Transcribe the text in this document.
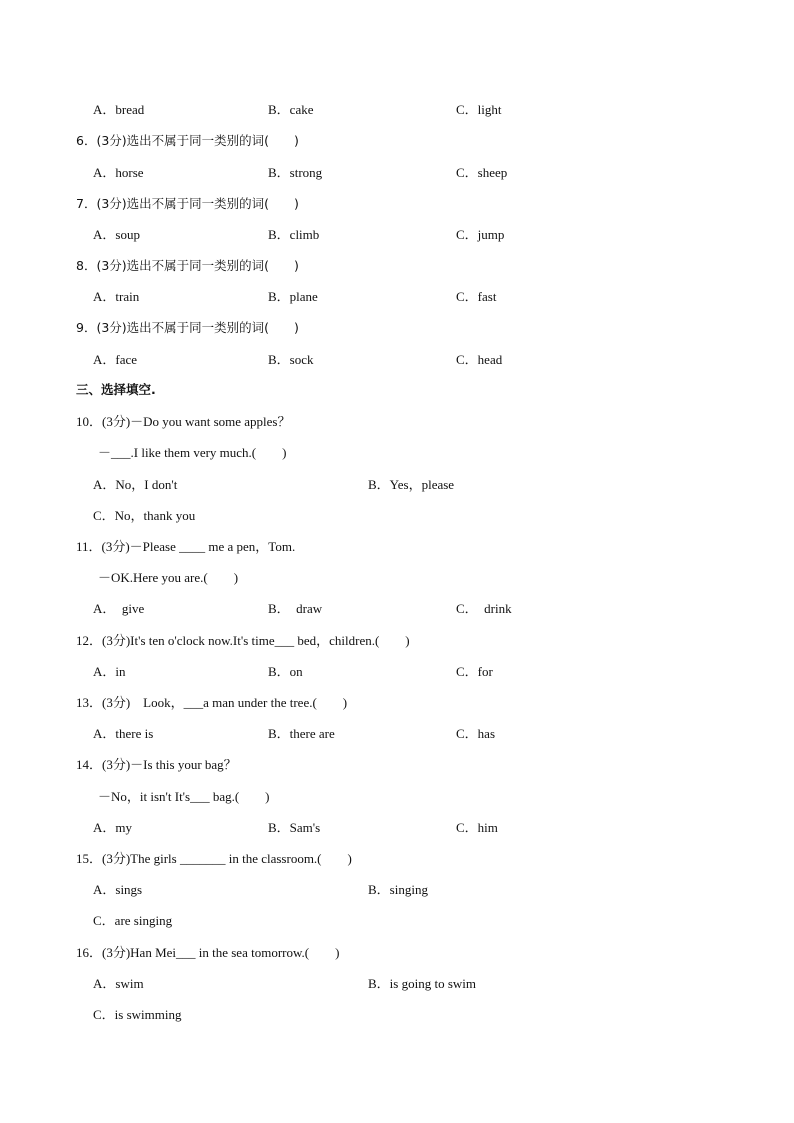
A．bread	B．cake	C．light
6．(3分)选出不属于同一类别的词(　　)
A．horse	B．strong	C．sheep
7．(3分)选出不属于同一类别的词(　　)
A．soup	B．climb	C．jump
8．(3分)选出不属于同一类别的词(　　)
A．train	B．plane	C．fast
9．(3分)选出不属于同一类别的词(　　)
A．face	B．sock	C．head
三、选择填空.
10．(3分)－Do you want some apples？
－___.I like them very much.(　　)
A．No，I don't	B．Yes，please
C．No，thank you
11．(3分)－Please ____ me a pen，Tom.
－OK.Here you are.(　　)
A．　give	B．　draw	C．　drink
12．(3分)It's ten o'clock now.It's time___ bed，children.(　　)
A．in	B．on	C．for
13．(3分)　Look，___a man under the tree.(　　)
A．there is	B．there are	C．has
14．(3分)－Is this your bag？
－No，it isn't It's___ bag.(　　)
A．my	B．Sam's	C．him
15．(3分)The girls _______ in the classroom.(　　)
A．sings	B．singing
C．are singing
16．(3分)Han Mei___ in the sea tomorrow.(　　)
A．swim	B．is going to swim
C．is swimming
